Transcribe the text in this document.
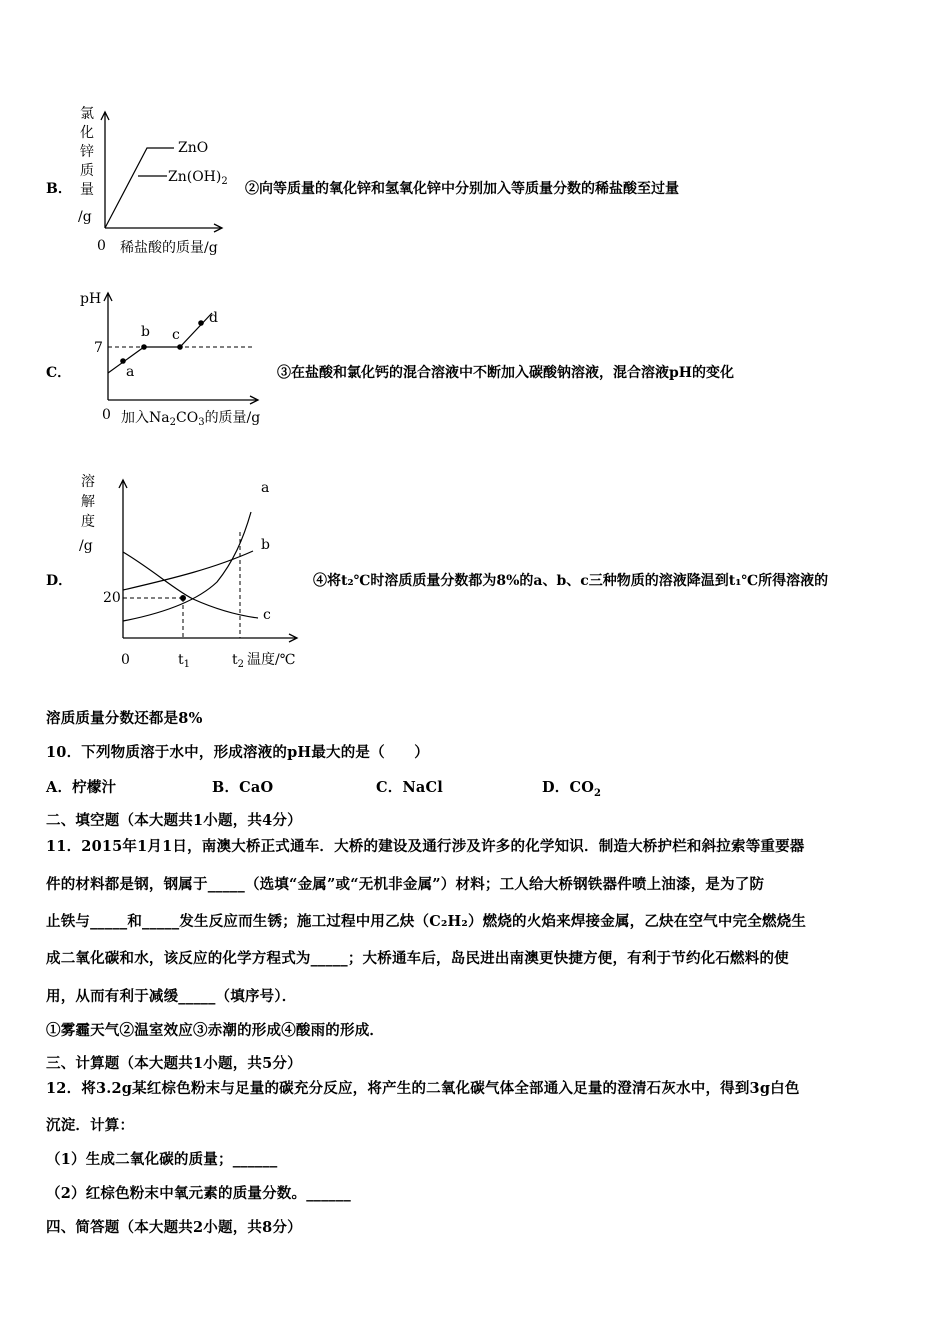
B．
氯
化
锌
质
量
/g
ZnO
$Zn(OH)_2$
0 稀盐酸的质量/g
②向等质量的氧化锌和氢氧化锌中分别加入等质量分数的稀盐酸至过量
C．
pH
7
a
b c
d
0 加入$Na_2CO_3$的质量/g
③在盐酸和氯化钙的混合溶液中不断加入碳酸钠溶液，混合溶液pH的变化
D．
溶
解
度
/g
20
0	$t_1$	$t_2$ 温度/℃
a
b
c
④将t₂℃时溶质质量分数都为8%的a、b、c三种物质的溶液降温到t₁℃所得溶液的
溶质质量分数还都是8%
10．下列物质溶于水中，形成溶液的pH最大的是（　　）
A．柠檬汁	B．CaO	C．NaCl	D．$CO_2$
二、填空题（本大题共1小题，共4分）
11．2015年1月1日，南澳大桥正式通车．大桥的建设及通行涉及许多的化学知识．制造大桥护栏和斜拉索等重要器
件的材料都是钢，钢属于_____（选填“金属”或“无机非金属”）材料；工人给大桥钢铁器件喷上油漆，是为了防
止铁与_____和_____发生反应而生锈；施工过程中用乙炔（C₂H₂）燃烧的火焰来焊接金属，乙炔在空气中完全燃烧生
成二氧化碳和水，该反应的化学方程式为_____；大桥通车后，岛民进出南澳更快捷方便，有利于节约化石燃料的使
用，从而有利于减缓_____（填序号）．
①雾霾天气②温室效应③赤潮的形成④酸雨的形成．
三、计算题（本大题共1小题，共5分）
12．将3.2g某红棕色粉末与足量的碳充分反应，将产生的二氧化碳气体全部通入足量的澄清石灰水中，得到3g白色
沉淀．计算：
（1）生成二氧化碳的质量；______
（2）红棕色粉末中氧元素的质量分数。______
四、简答题（本大题共2小题，共8分）
